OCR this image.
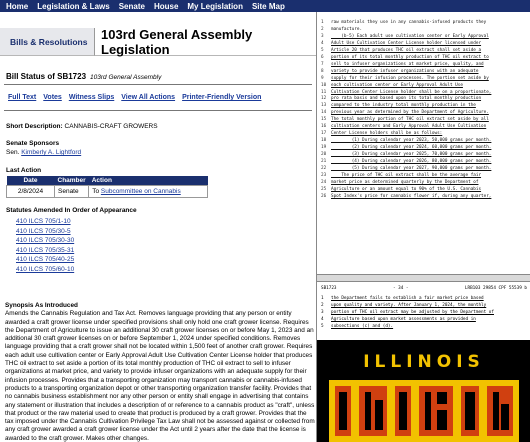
Home Legislation & Laws Senate House My Legislation Site Map
Bills & Resolutions	103rd General Assembly Legislation
Bill Status of SB1723 103rd General Assembly
Full Text Votes Witness Slips View All Actions Printer-Friendly Version
Short Description: CANNABIS-CRAFT GROWERS
Senate Sponsors
Sen. Kimberly A. Lightford
Last Action
Date	Chamber	Action
2/8/2024	Senate	To Subcommittee on Cannabis
Statutes Amended In Order of Appearance
410 ILCS 705/1-10
410 ILCS 705/30-5
410 ILCS 705/30-30
410 ILCS 705/35-31
410 ILCS 705/40-25
410 ILCS 705/60-10
Synopsis As Introduced
Amends the Cannabis Regulation and Tax Act. Removes language providing that any person or entity awarded a craft grower license under specified provisions shall only hold one craft grower license. Requires the Department of Agriculture to issue an additional 30 craft grower licenses on or before May 1, 2023 and an additional 30 craft grower licenses on or before September 1, 2024 under specified conditions. Removes language providing that a craft grower shall not be located within 1,500 feet of another craft grower. Requires each adult use cultivation center or Early Approval Adult Use Cultivation Center License holder that produces THC oil extract to set aside a portion of its total monthly production of THC oil extract to sell to infuser organizations at market price, and variety to provide infuser organizations with an adequate supply for their infusion processes. Provides that a transporting organization may transport cannabis or cannabis-infused products to a transporting organization depot or other transporting organization transfer facility. Provides that no cannabis business establishment nor any other person or entity shall engage in advertising that contains any statement or illustration that includes a description of or reference to a cannabis product as "craft", unless that product or the raw material used to create that product is produced by a craft grower. Provides that the tax imposed under the Cannabis Cultivation Privilege Tax Law shall not be assessed against or collected from any craft grower awarded a craft grower license under the Act until 2 years after the date that the license is awarded to the craft grower. Makes other changes.
1	raw materials they use in any cannabis-infused products they
2	manufacture.
3	(b-5) Each adult use cultivation center or Early Approval
4	Adult Use Cultivation Center License holder licensed under
5	Article 20 that produces THC oil extract shall set aside a
6	portion of its total monthly production of THC oil extract to
7	sell to infuser organizations at market price, quality, and
8	variety to provide infuser organizations with an adequate
9	supply for their infusion processes. The portion set aside by
10	each cultivation center or Early Approval Adult Use
11	Cultivation Center License holder shall be on a proportionate,
12	pro rata basis and based upon its total monthly production
13	compared to the industry total monthly production in the
14	previous year as determined by the Department of Agriculture.
15	The total monthly portion of THC oil extract set aside by all
16	cultivation centers and Early Approval Adult Use Cultivation
17	Center License holders shall be as follows:
18	(1) During calendar year 2023, 50,000 grams per month.
19	(2) During calendar year 2024, 60,000 grams per month.
20	(3) During calendar year 2025, 70,000 grams per month.
21	(4) During calendar year 2026, 80,000 grams per month.
22	(5) During calendar year 2027, 90,000 grams per month.
23	The price of THC oil extract shall be the average fair
24	market price as determined quarterly by the Department of
25	Agriculture or an amount equal to 90% of the U.S. Cannabis
26	Spot Index's price for cannabis flower if, during any quarter,
SB1723	- 34 -	LRB103 29854 CPF 55539 b
1	the Department fails to establish a fair market price based
2	upon quality and variety. After January 1, 2024, the monthly
3	portion of THC oil extract may be adjusted by the Department of
4	Agriculture based upon market assessments as provided in
5	subsections (c) and (d).
ILLINOIS
